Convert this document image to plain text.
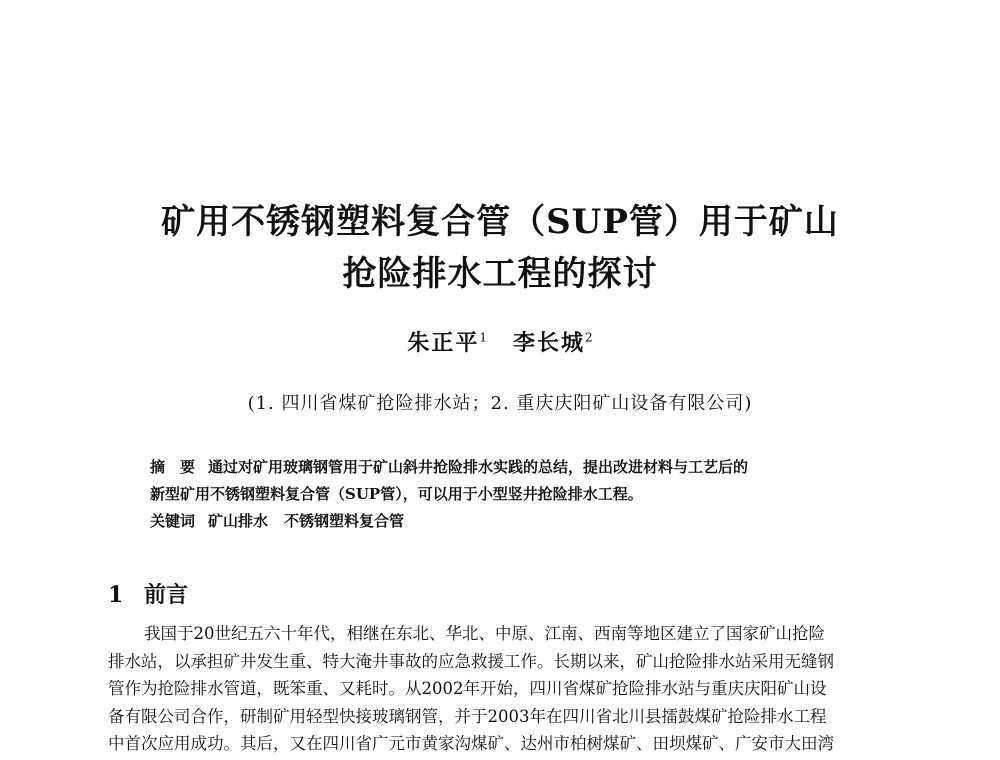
矿用不锈钢塑料复合管（SUP管）用于矿山
抢险排水工程的探讨
朱正平$^1$ 李长城$^2$
(1. 四川省煤矿抢险排水站；2. 重庆庆阳矿山设备有限公司)
摘　要 通过对矿用玻璃钢管用于矿山斜井抢险排水实践的总结，提出改进材料与工艺后的
新型矿用不锈钢塑料复合管（SUP管），可以用于小型竖井抢险排水工程。
关键词 矿山排水 不锈钢塑料复合管
1 前言
我国于20世纪五六十年代，相继在东北、华北、中原、江南、西南等地区建立了国家矿山抢险
排水站，以承担矿井发生重、特大淹井事故的应急救援工作。长期以来，矿山抢险排水站采用无缝钢
管作为抢险排水管道，既笨重、又耗时。从2002年开始，四川省煤矿抢险排水站与重庆庆阳矿山设
备有限公司合作，研制矿用轻型快接玻璃钢管，并于2003年在四川省北川县擂鼓煤矿抢险排水工程
中首次应用成功。其后，又在四川省广元市黄家沟煤矿、达州市柏树煤矿、田坝煤矿、广安市大田湾
